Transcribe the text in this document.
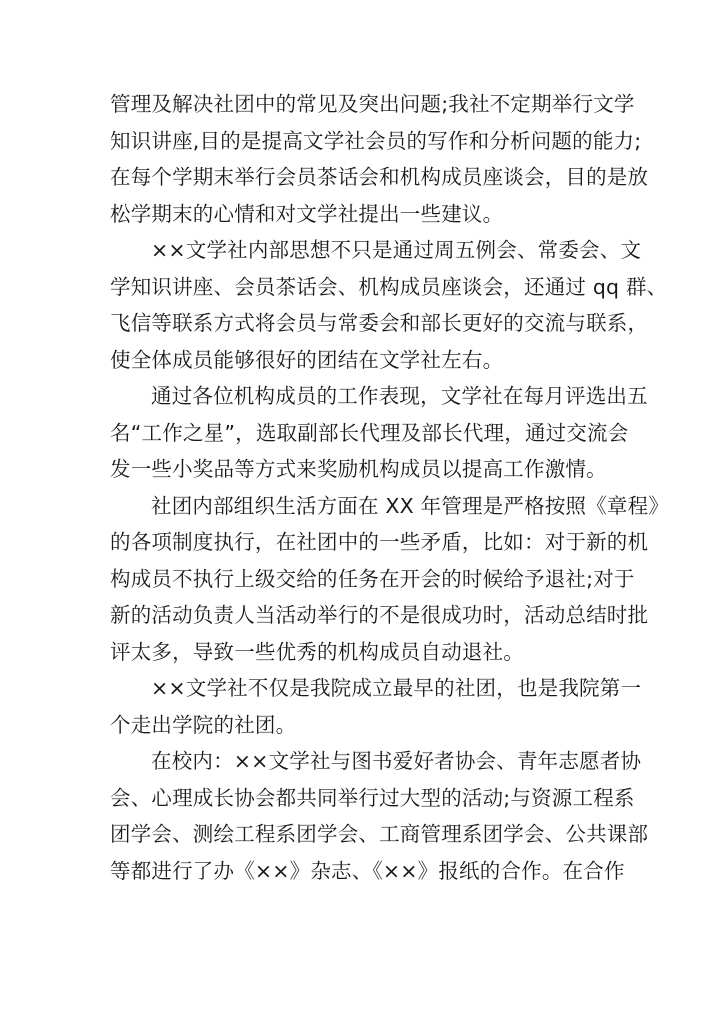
管理及解决社团中的常见及突出问题;我社不定期举行文学
知识讲座,目的是提高文学社会员的写作和分析问题的能力;
在每个学期末举行会员茶话会和机构成员座谈会，目的是放
松学期末的心情和对文学社提出一些建议。
××文学社内部思想不只是通过周五例会、常委会、文
学知识讲座、会员茶话会、机构成员座谈会，还通过 qq 群、
飞信等联系方式将会员与常委会和部长更好的交流与联系，
使全体成员能够很好的团结在文学社左右。
通过各位机构成员的工作表现，文学社在每月评选出五
名“工作之星”，选取副部长代理及部长代理，通过交流会
发一些小奖品等方式来奖励机构成员以提高工作激情。
社团内部组织生活方面在 XX 年管理是严格按照《章程》
的各项制度执行，在社团中的一些矛盾，比如：对于新的机
构成员不执行上级交给的任务在开会的时候给予退社;对于
新的活动负责人当活动举行的不是很成功时，活动总结时批
评太多，导致一些优秀的机构成员自动退社。
××文学社不仅是我院成立最早的社团，也是我院第一
个走出学院的社团。
在校内：××文学社与图书爱好者协会、青年志愿者协
会、心理成长协会都共同举行过大型的活动;与资源工程系
团学会、测绘工程系团学会、工商管理系团学会、公共课部
等都进行了办《××》杂志、《××》报纸的合作。在合作
